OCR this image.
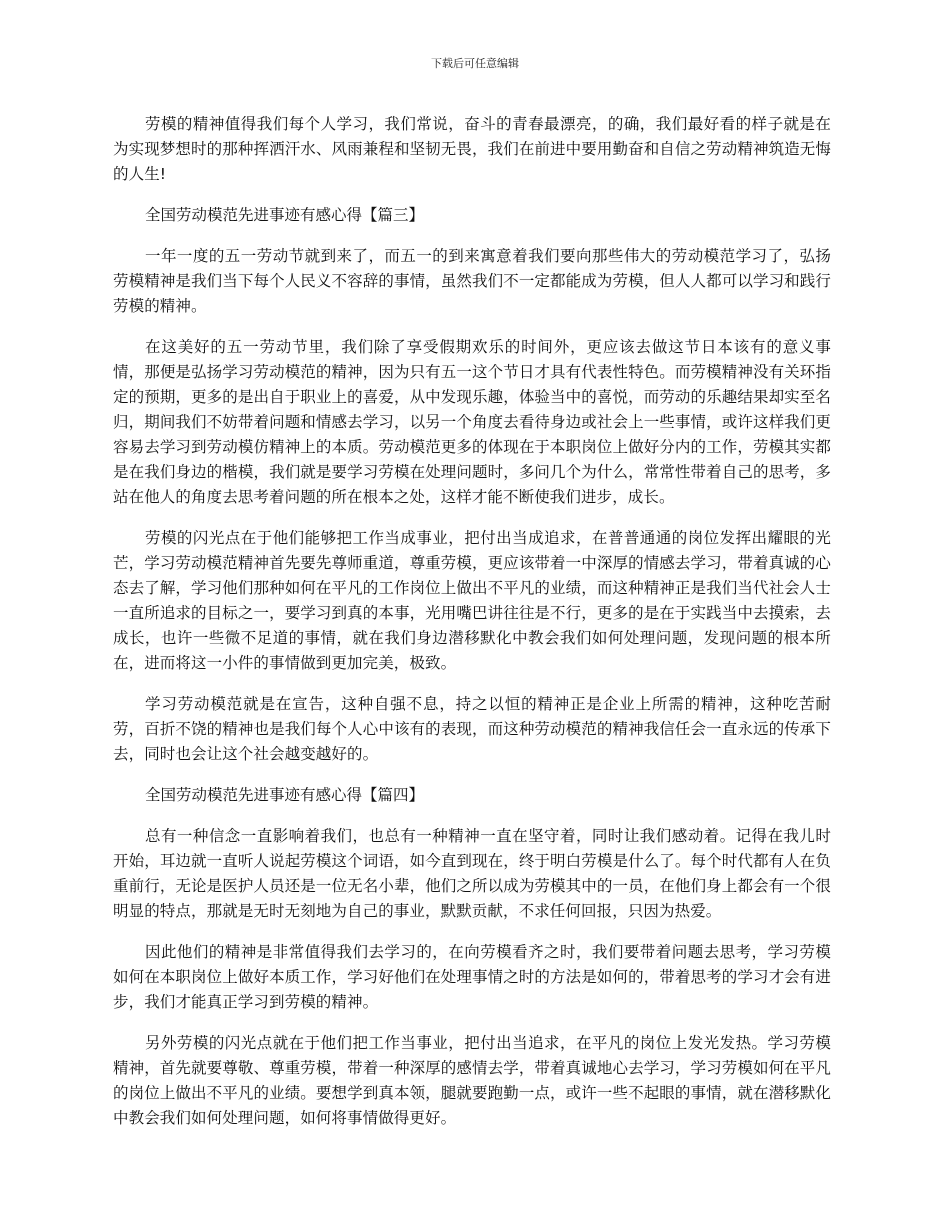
下载后可任意编辑

劳模的精神值得我们每个人学习，我们常说，奋斗的青春最漂亮，的确，我们最好看的样子就是在为实现梦想时的那种挥洒汗水、风雨兼程和坚韧无畏，我们在前进中要用勤奋和自信之劳动精神筑造无悔的人生!

全国劳动模范先进事迹有感心得【篇三】

一年一度的五一劳动节就到来了，而五一的到来寓意着我们要向那些伟大的劳动模范学习了，弘扬劳模精神是我们当下每个人民义不容辞的事情，虽然我们不一定都能成为劳模，但人人都可以学习和践行劳模的精神。

在这美好的五一劳动节里，我们除了享受假期欢乐的时间外，更应该去做这节日本该有的意义事情，那便是弘扬学习劳动模范的精神，因为只有五一这个节日才具有代表性特色。而劳模精神没有关环指定的预期，更多的是出自于职业上的喜爱，从中发现乐趣，体验当中的喜悦，而劳动的乐趣结果却实至名归，期间我们不妨带着问题和情感去学习，以另一个角度去看待身边或社会上一些事情，或许这样我们更容易去学习到劳动模仿精神上的本质。劳动模范更多的体现在于本职岗位上做好分内的工作，劳模其实都是在我们身边的楷模，我们就是要学习劳模在处理问题时，多问几个为什么，常常性带着自己的思考，多站在他人的角度去思考着问题的所在根本之处，这样才能不断使我们进步，成长。

劳模的闪光点在于他们能够把工作当成事业，把付出当成追求，在普普通通的岗位发挥出耀眼的光芒，学习劳动模范精神首先要先尊师重道，尊重劳模，更应该带着一中深厚的情感去学习，带着真诚的心态去了解，学习他们那种如何在平凡的工作岗位上做出不平凡的业绩，而这种精神正是我们当代社会人士一直所追求的目标之一，要学习到真的本事，光用嘴巴讲往往是不行，更多的是在于实践当中去摸索，去成长，也许一些微不足道的事情，就在我们身边潜移默化中教会我们如何处理问题，发现问题的根本所在，进而将这一小件的事情做到更加完美，极致。

学习劳动模范就是在宣告，这种自强不息，持之以恒的精神正是企业上所需的精神，这种吃苦耐劳，百折不饶的精神也是我们每个人心中该有的表现，而这种劳动模范的精神我信任会一直永远的传承下去，同时也会让这个社会越变越好的。

全国劳动模范先进事迹有感心得【篇四】

总有一种信念一直影响着我们，也总有一种精神一直在坚守着，同时让我们感动着。记得在我儿时开始，耳边就一直听人说起劳模这个词语，如今直到现在，终于明白劳模是什么了。每个时代都有人在负重前行，无论是医护人员还是一位无名小辈，他们之所以成为劳模其中的一员，在他们身上都会有一个很明显的特点，那就是无时无刻地为自己的事业，默默贡献，不求任何回报，只因为热爱。

因此他们的精神是非常值得我们去学习的，在向劳模看齐之时，我们要带着问题去思考，学习劳模如何在本职岗位上做好本质工作，学习好他们在处理事情之时的方法是如何的，带着思考的学习才会有进步，我们才能真正学习到劳模的精神。

另外劳模的闪光点就在于他们把工作当事业，把付出当追求，在平凡的岗位上发光发热。学习劳模精神，首先就要尊敬、尊重劳模，带着一种深厚的感情去学，带着真诚地心去学习，学习劳模如何在平凡的岗位上做出不平凡的业绩。要想学到真本领，腿就要跑勤一点，或许一些不起眼的事情，就在潜移默化中教会我们如何处理问题，如何将事情做得更好。
